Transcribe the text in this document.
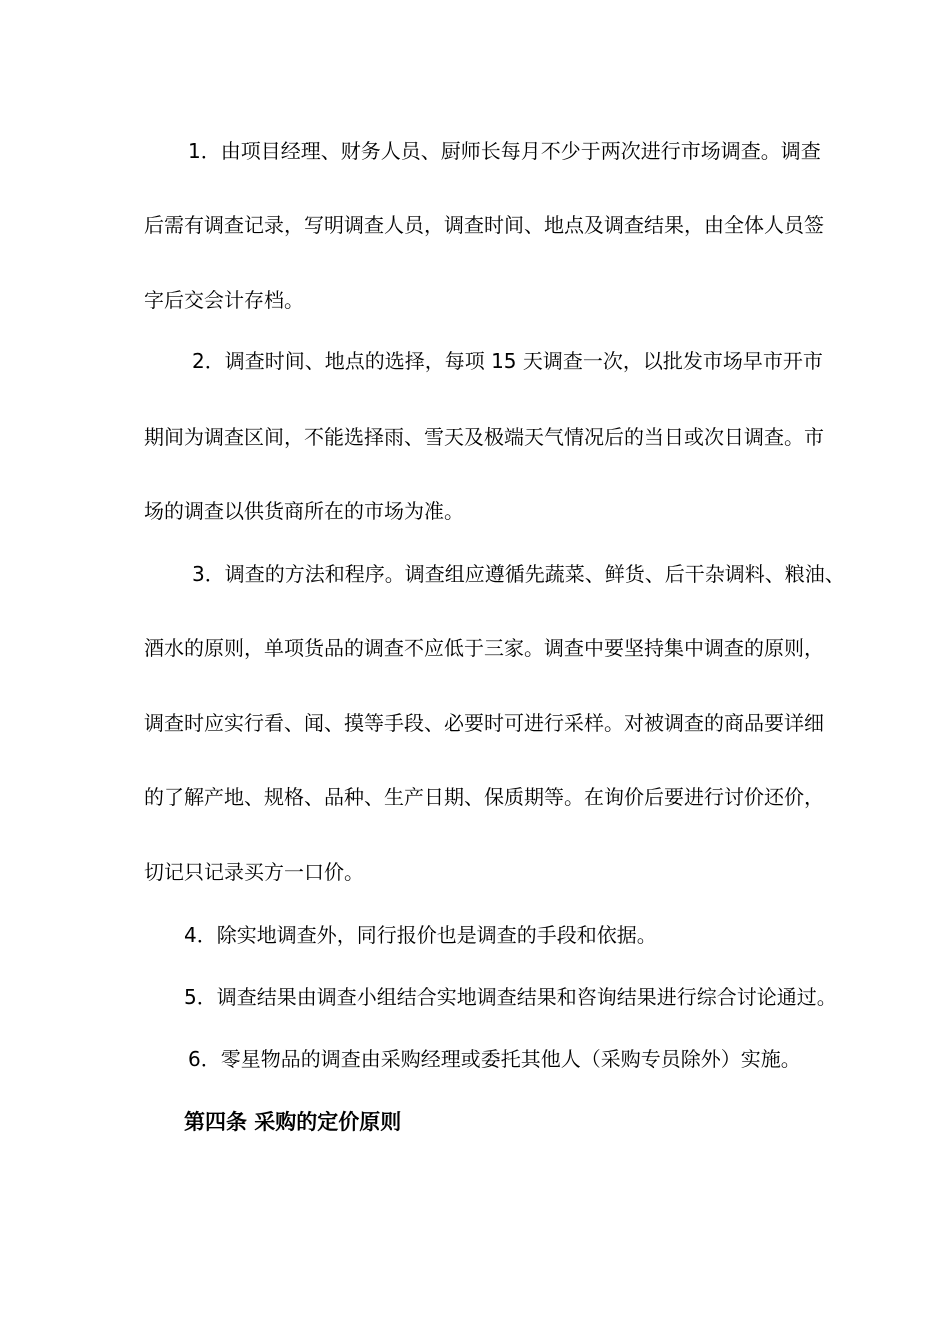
1．由项目经理、财务人员、厨师长每月不少于两次进行市场调查。调查
后需有调查记录，写明调查人员，调查时间、地点及调查结果，由全体人员签
字后交会计存档。
2．调查时间、地点的选择，每项 15 天调查一次，以批发市场早市开市
期间为调查区间，不能选择雨、雪天及极端天气情况后的当日或次日调查。市
场的调查以供货商所在的市场为准。
3．调查的方法和程序。调查组应遵循先蔬菜、鲜货、后干杂调料、粮油、
酒水的原则，单项货品的调查不应低于三家。调查中要坚持集中调查的原则，
调查时应实行看、闻、摸等手段、必要时可进行采样。对被调查的商品要详细
的了解产地、规格、品种、生产日期、保质期等。在询价后要进行讨价还价，
切记只记录买方一口价。
4．除实地调查外，同行报价也是调查的手段和依据。
5．调查结果由调查小组结合实地调查结果和咨询结果进行综合讨论通过。
6．零星物品的调查由采购经理或委托其他人（采购专员除外）实施。
第四条 采购的定价原则
